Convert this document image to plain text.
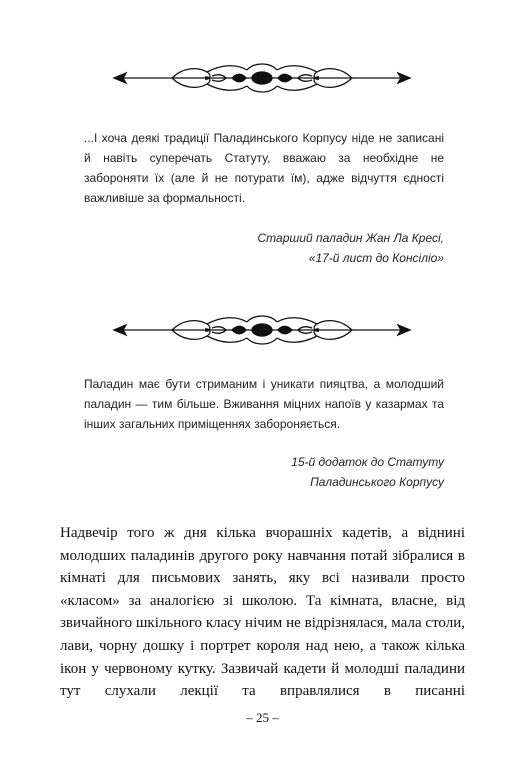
...І хоча деякі традиції Паладинського Корпусу ніде не записані й навіть суперечать Статуту, вважаю за необхідне не забороняти їх (але й не потурати їм), адже відчуття єдності важливіше за формальності.

Старший паладин Жан Ла Кресі,
«17-й лист до Консіліо»

Паладин має бути стриманим і уникати пияцтва, а молодший паладин — тим більше. Вживання міцних напоїв у казармах та інших загальних приміщеннях забороняється.

15-й додаток до Статуту
Паладинського Корпусу

Надвечір того ж дня кілька вчорашніх кадетів, а віднині молодших паладинів другого року навчання потай зібралися в кімнаті для письмових занять, яку всі називали просто «класом» за аналогією зі школою. Та кімната, власне, від звичайного шкільного класу нічим не відрізнялася, мала столи, лави, чорну дошку і портрет короля над нею, а також кілька ікон у червоному кутку. Зазвичай кадети й молодші паладини тут слухали лекції та вправлялися в писанні

– 25 –
